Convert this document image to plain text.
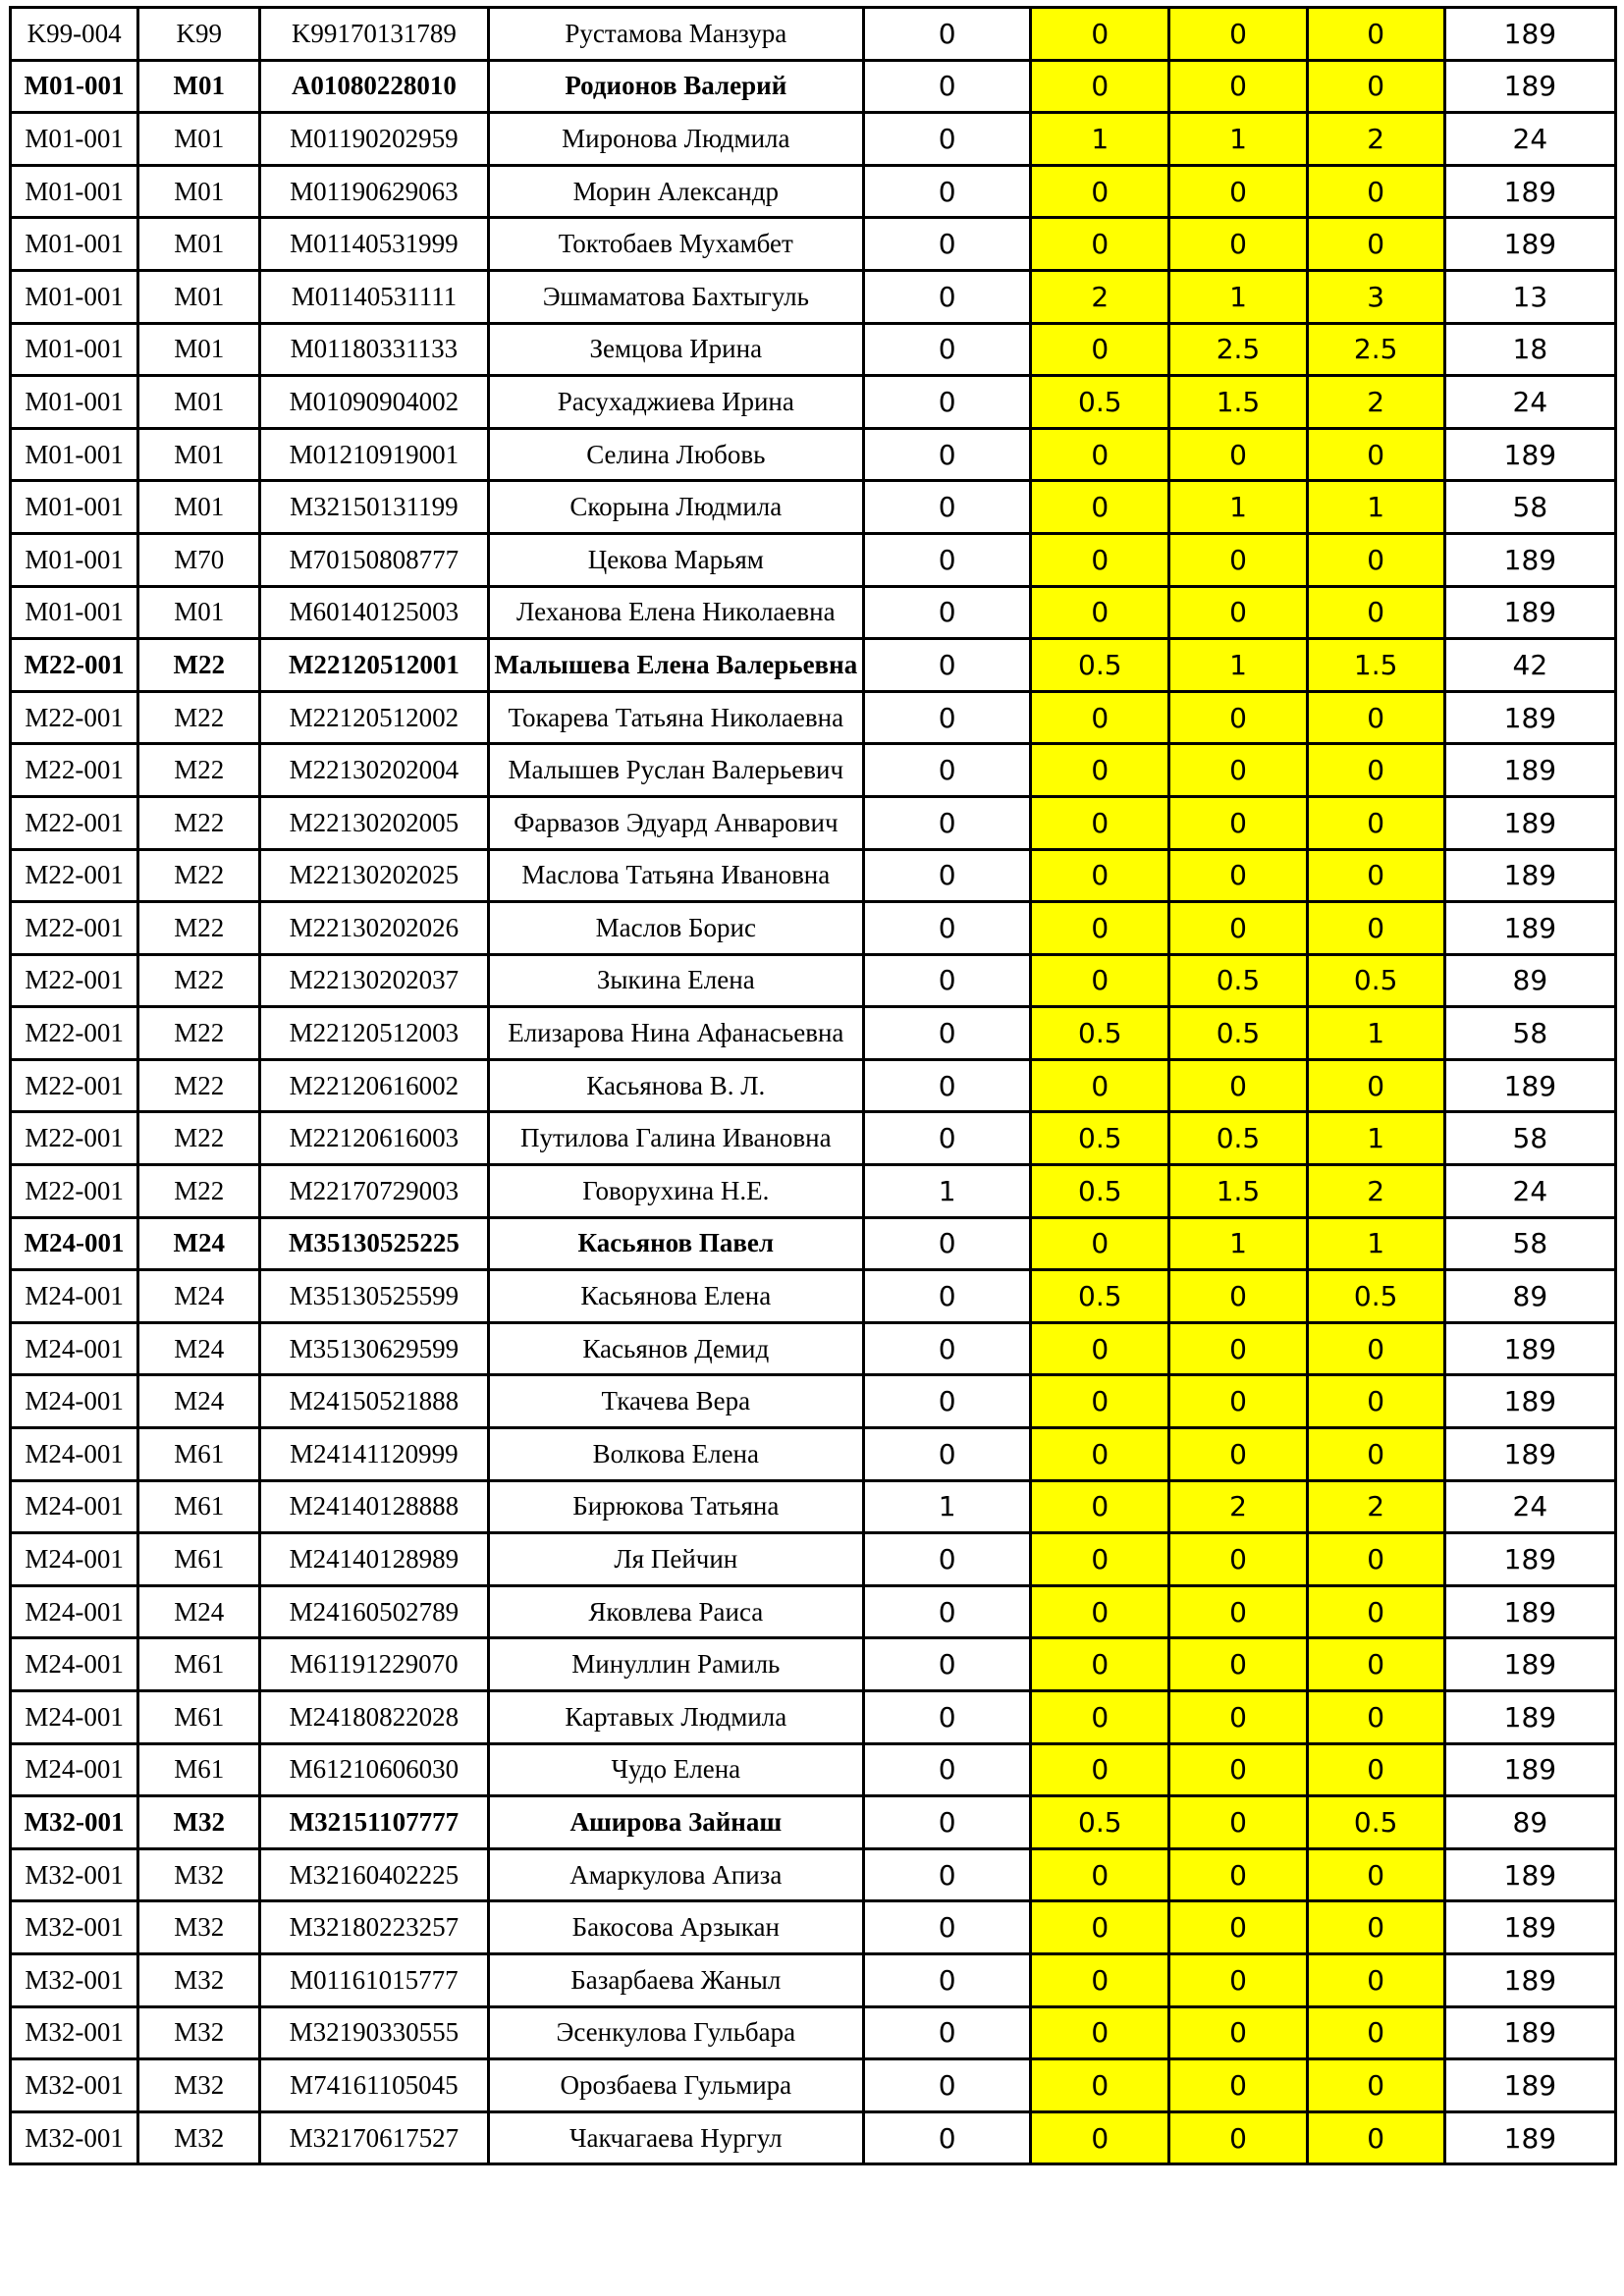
K99-004	K99	K99170131789	Рустамова Манзура	0	0	0	0	189
M01-001	M01	A01080228010	Родионов Валерий	0	0	0	0	189
M01-001	M01	M01190202959	Миронова Людмила	0	1	1	2	24
M01-001	M01	M01190629063	Морин Александр	0	0	0	0	189
M01-001	M01	M01140531999	Токтобаев Мухамбет	0	0	0	0	189
M01-001	M01	M01140531111	Эшмаматова Бахтыгуль	0	2	1	3	13
M01-001	M01	M01180331133	Земцова Ирина	0	0	2.5	2.5	18
M01-001	M01	M01090904002	Расухаджиева Ирина	0	0.5	1.5	2	24
M01-001	M01	M01210919001	Селина Любовь	0	0	0	0	189
M01-001	M01	M32150131199	Скорына Людмила	0	0	1	1	58
M01-001	M70	M70150808777	Цекова Марьям	0	0	0	0	189
M01-001	M01	M60140125003	Леханова Елена Николаевна	0	0	0	0	189
M22-001	M22	M22120512001	Малышева Елена Валерьевна	0	0.5	1	1.5	42
M22-001	M22	M22120512002	Токарева Татьяна Николаевна	0	0	0	0	189
M22-001	M22	M22130202004	Малышев Руслан Валерьевич	0	0	0	0	189
M22-001	M22	M22130202005	Фарвазов Эдуард Анварович	0	0	0	0	189
M22-001	M22	M22130202025	Маслова Татьяна Ивановна	0	0	0	0	189
M22-001	M22	M22130202026	Маслов Борис	0	0	0	0	189
M22-001	M22	M22130202037	Зыкина Елена	0	0	0.5	0.5	89
M22-001	M22	M22120512003	Елизарова Нина Афанасьевна	0	0.5	0.5	1	58
M22-001	M22	M22120616002	Касьянова В. Л.	0	0	0	0	189
M22-001	M22	M22120616003	Путилова Галина Ивановна	0	0.5	0.5	1	58
M22-001	M22	M22170729003	Говорухина Н.Е.	1	0.5	1.5	2	24
M24-001	M24	M35130525225	Касьянов Павел	0	0	1	1	58
M24-001	M24	M35130525599	Касьянова Елена	0	0.5	0	0.5	89
M24-001	M24	M35130629599	Касьянов Демид	0	0	0	0	189
M24-001	M24	M24150521888	Ткачева Вера	0	0	0	0	189
M24-001	M61	M24141120999	Волкова Елена	0	0	0	0	189
M24-001	M61	M24140128888	Бирюкова Татьяна	1	0	2	2	24
M24-001	M61	M24140128989	Ля Пейчин	0	0	0	0	189
M24-001	M24	M24160502789	Яковлева Раиса	0	0	0	0	189
M24-001	M61	M61191229070	Минуллин Рамиль	0	0	0	0	189
M24-001	M61	M24180822028	Картавых Людмила	0	0	0	0	189
M24-001	M61	M61210606030	Чудо Елена	0	0	0	0	189
M32-001	M32	M32151107777	Аширова Зайнаш	0	0.5	0	0.5	89
M32-001	M32	M32160402225	Амаркулова Апиза	0	0	0	0	189
M32-001	M32	M32180223257	Бакосова Арзыкан	0	0	0	0	189
M32-001	M32	M01161015777	Базарбаева Жаныл	0	0	0	0	189
M32-001	M32	M32190330555	Эсенкулова Гульбара	0	0	0	0	189
M32-001	M32	M74161105045	Орозбаева Гульмира	0	0	0	0	189
M32-001	M32	M32170617527	Чакчагаева Нургул	0	0	0	0	189
